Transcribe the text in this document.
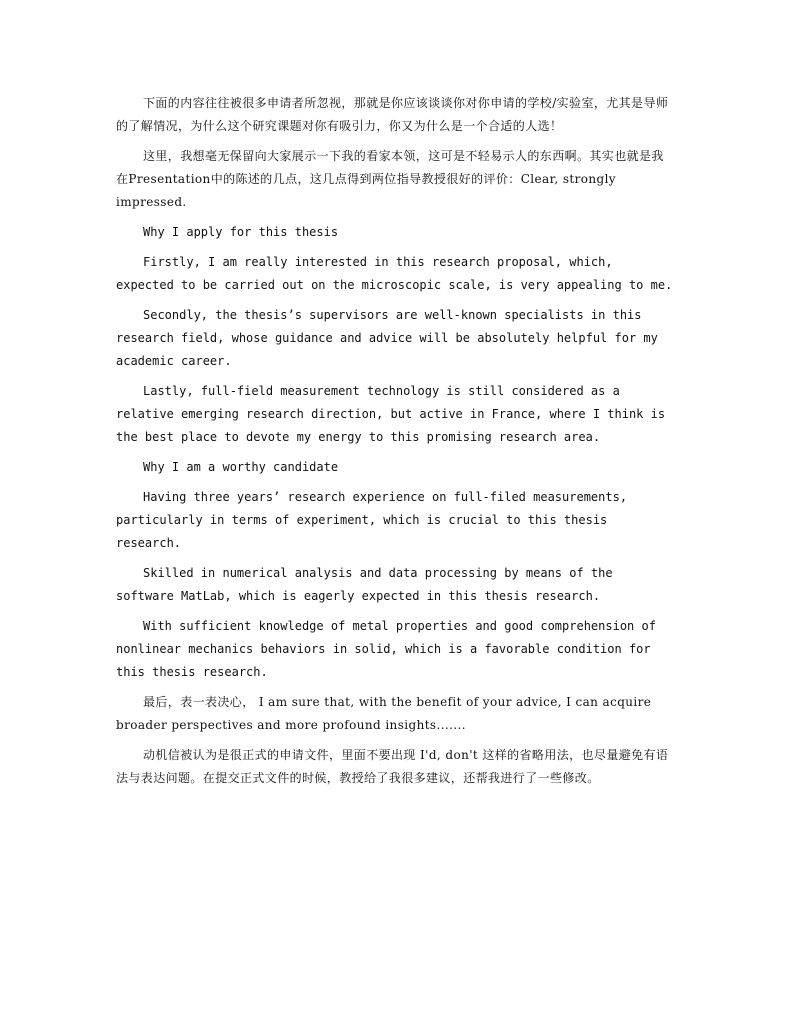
下面的内容往往被很多申请者所忽视，那就是你应该谈谈你对你申请的学校/实验室，尤其是导师的了解情况，为什么这个研究课题对你有吸引力，你又为什么是一个合适的人选！

这里，我想毫无保留向大家展示一下我的看家本领，这可是不轻易示人的东西啊。其实也就是我在Presentation中的陈述的几点，这几点得到两位指导教授很好的评价：Clear, strongly impressed.

Why I apply for this thesis

Firstly, I am really interested in this research proposal, which, expected to be carried out on the microscopic scale, is very appealing to me.

Secondly, the thesis’s supervisors are well-known specialists in this research field, whose guidance and advice will be absolutely helpful for my academic career.

Lastly, full-field measurement technology is still considered as a relative emerging research direction, but active in France, where I think is the best place to devote my energy to this promising research area.

Why I am a worthy candidate

Having three years’ research experience on full-filed measurements, particularly in terms of experiment, which is crucial to this thesis research.

Skilled in numerical analysis and data processing by means of the software MatLab, which is eagerly expected in this thesis research.

With sufficient knowledge of metal properties and good comprehension of nonlinear mechanics behaviors in solid, which is a favorable condition for this thesis research.

最后，表一表决心， I am sure that, with the benefit of your advice, I can acquire broader perspectives and more profound insights.......

动机信被认为是很正式的申请文件，里面不要出现 I'd, don't 这样的省略用法，也尽量避免有语法与表达问题。在提交正式文件的时候，教授给了我很多建议，还帮我进行了一些修改。
